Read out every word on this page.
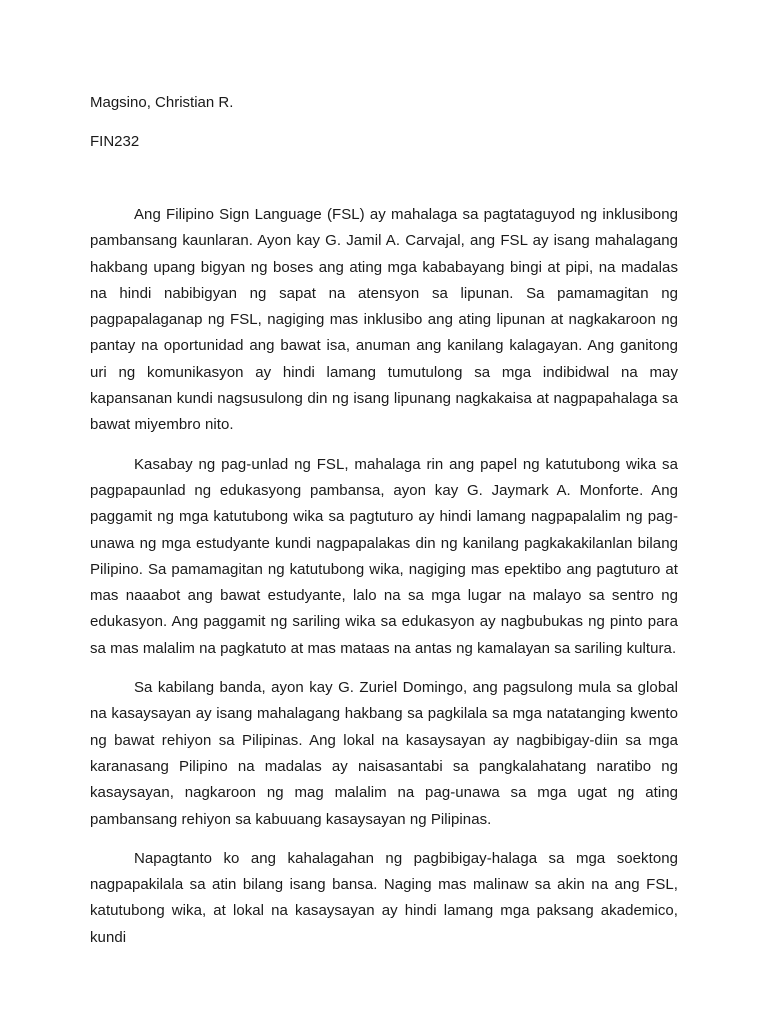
Magsino, Christian R.

FIN232

Ang Filipino Sign Language (FSL) ay mahalaga sa pagtataguyod ng inklusibong pambansang kaunlaran. Ayon kay G. Jamil A. Carvajal, ang FSL ay isang mahalagang hakbang upang bigyan ng boses ang ating mga kababayang bingi at pipi, na madalas na hindi nabibigyan ng sapat na atensyon sa lipunan. Sa pamamagitan ng pagpapalaganap ng FSL, nagiging mas inklusibo ang ating lipunan at nagkakaroon ng pantay na oportunidad ang bawat isa, anuman ang kanilang kalagayan. Ang ganitong uri ng komunikasyon ay hindi lamang tumutulong sa mga indibidwal na may kapansanan kundi nagsusulong din ng isang lipunang nagkakaisa at nagpapahalaga sa bawat miyembro nito.

Kasabay ng pag-unlad ng FSL, mahalaga rin ang papel ng katutubong wika sa pagpapaunlad ng edukasyong pambansa, ayon kay G. Jaymark A. Monforte. Ang paggamit ng mga katutubong wika sa pagtuturo ay hindi lamang nagpapalalim ng pag-unawa ng mga estudyante kundi nagpapalakas din ng kanilang pagkakakilanlan bilang Pilipino. Sa pamamagitan ng katutubong wika, nagiging mas epektibo ang pagtuturo at mas naaabot ang bawat estudyante, lalo na sa mga lugar na malayo sa sentro ng edukasyon. Ang paggamit ng sariling wika sa edukasyon ay nagbubukas ng pinto para sa mas malalim na pagkatuto at mas mataas na antas ng kamalayan sa sariling kultura.

Sa kabilang banda, ayon kay G. Zuriel Domingo, ang pagsulong mula sa global na kasaysayan ay isang mahalagang hakbang sa pagkilala sa mga natatanging kwento ng bawat rehiyon sa Pilipinas. Ang lokal na kasaysayan ay nagbibigay-diin sa mga karanasang Pilipino na madalas ay naisasantabi sa pangkalahatang naratibo ng kasaysayan, nagkaroon ng mag malalim na pag-unawa sa mga ugat ng ating pambansang rehiyon sa kabuuang kasaysayan ng Pilipinas.

Napagtanto ko ang kahalagahan ng pagbibigay-halaga sa mga soektong nagpapakilala sa atin bilang isang bansa. Naging mas malinaw sa akin na ang FSL, katutubong wika, at lokal na kasaysayan ay hindi lamang mga paksang akademico, kundi
